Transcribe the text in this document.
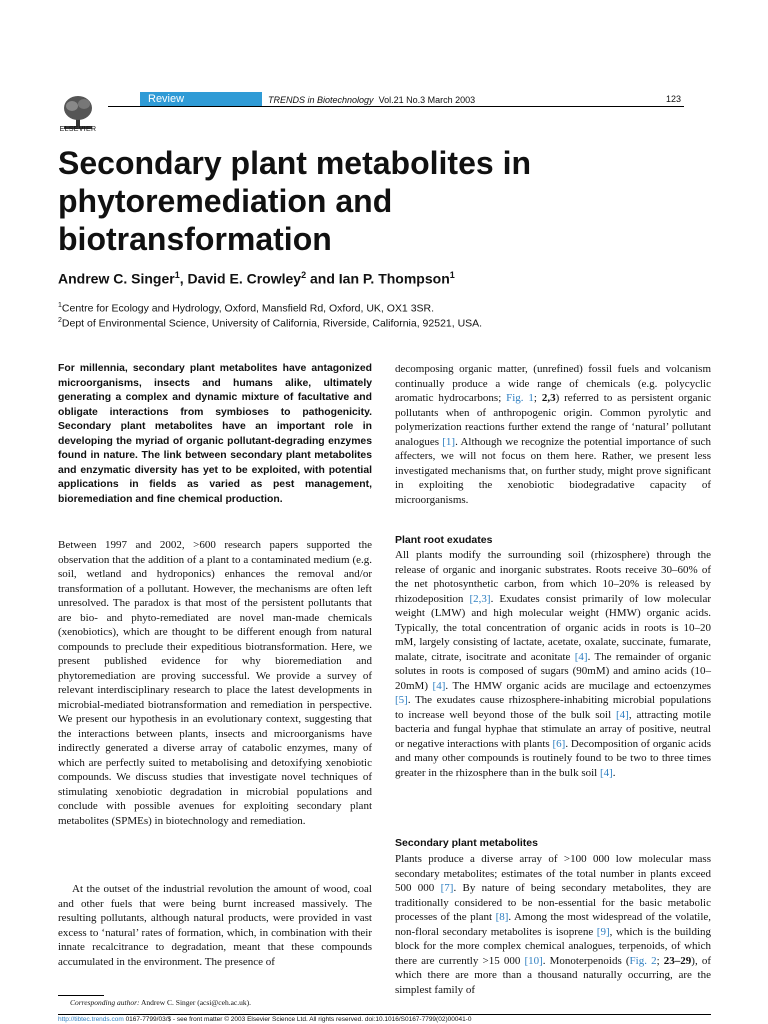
ELSEVIER
Review	TRENDS in Biotechnology Vol.21 No.3 March 2003	123
Secondary plant metabolites in
phytoremediation and
biotransformation
Andrew C. Singer$^1$, David E. Crowley$^2$ and Ian P. Thompson$^1$
$^1$Centre for Ecology and Hydrology, Oxford, Mansfield Rd, Oxford, UK, OX1 3SR.
$^2$Dept of Environmental Science, University of California, Riverside, California, 92521, USA.
For millennia, secondary plant metabolites have antagonized microorganisms, insects and humans alike, ultimately generating a complex and dynamic mixture of facultative and obligate interactions from symbioses to pathogenicity. Secondary plant metabolites have an important role in developing the myriad of organic pollutant-degrading enzymes found in nature. The link between secondary plant metabolites and enzymatic diversity has yet to be exploited, with potential applications in fields as varied as pest management, bioremediation and fine chemical production.
Between 1997 and 2002, >600 research papers supported the observation that the addition of a plant to a contaminated medium (e.g. soil, wetland and hydroponics) enhances the removal and/or transformation of a pollutant. However, the mechanisms are often left unresolved. The paradox is that most of the persistent pollutants that are bio- and phyto-remediated are novel man-made chemicals (xenobiotics), which are thought to be different enough from natural compounds to preclude their expeditious biotransformation. Here, we present published evidence for why bioremediation and phytoremediation are proving successful. We provide a survey of relevant interdisciplinary research to place the latest developments in microbial-mediated biotransformation and remediation in perspective. We present our hypothesis in an evolutionary context, suggesting that the interactions between plants, insects and microorganisms have indirectly generated a diverse array of catabolic enzymes, many of which are perfectly suited to metabolising and detoxifying xenobiotic compounds. We discuss studies that investigate novel techniques of stimulating xenobiotic degradation in microbial populations and conclude with possible avenues for exploiting secondary plant metabolites (SPMEs) in biotechnology and remediation.
At the outset of the industrial revolution the amount of wood, coal and other fuels that were being burnt increased massively. The resulting pollutants, although natural products, were provided in vast excess to ‘natural’ rates of formation, which, in combination with their innate recalcitrance to degradation, meant that these compounds accumulated in the environment. The presence of
decomposing organic matter, (unrefined) fossil fuels and volcanism continually produce a wide range of chemicals (e.g. polycyclic aromatic hydrocarbons; Fig. 1; 2,3) referred to as persistent organic pollutants when of anthropogenic origin. Common pyrolytic and polymerization reactions further extend the range of ‘natural’ pollutant analogues [1]. Although we recognize the potential importance of such affecters, we will not focus on them here. Rather, we present less investigated mechanisms that, on further study, might prove significant in exploiting the xenobiotic biodegradative capacity of microorganisms.
Plant root exudates
All plants modify the surrounding soil (rhizosphere) through the release of organic and inorganic substrates. Roots receive 30–60% of the net photosynthetic carbon, from which 10–20% is released by rhizodeposition [2,3]. Exudates consist primarily of low molecular weight (LMW) and high molecular weight (HMW) organic acids. Typically, the total concentration of organic acids in roots is 10–20 mM, largely consisting of lactate, acetate, oxalate, succinate, fumarate, malate, citrate, isocitrate and aconitate [4]. The remainder of organic solutes in roots is composed of sugars (90mM) and amino acids (10–20mM) [4]. The HMW organic acids are mucilage and ectoenzymes [5]. The exudates cause rhizosphere-inhabiting microbial populations to increase well beyond those of the bulk soil [4], attracting motile bacteria and fungal hyphae that stimulate an array of positive, neutral or negative interactions with plants [6]. Decomposition of organic acids and many other compounds is routinely found to be two to three times greater in the rhizosphere than in the bulk soil [4].
Secondary plant metabolites
Plants produce a diverse array of >100 000 low molecular mass secondary metabolites; estimates of the total number in plants exceed 500 000 [7]. By nature of being secondary metabolites, they are traditionally considered to be non-essential for the basic metabolic processes of the plant [8]. Among the most widespread of the volatile, non-floral secondary metabolites is isoprene [9], which is the building block for the more complex chemical analogues, terpenoids, of which there are currently >15 000 [10]. Monoterpenoids (Fig. 2; 23–29), of which there are more than a thousand naturally occurring, are the simplest family of
Corresponding author: Andrew C. Singer (acsi@ceh.ac.uk).
http://tibtec.trends.com 0167-7799/03/$ - see front matter © 2003 Elsevier Science Ltd. All rights reserved. doi:10.1016/S0167-7799(02)00041-0
